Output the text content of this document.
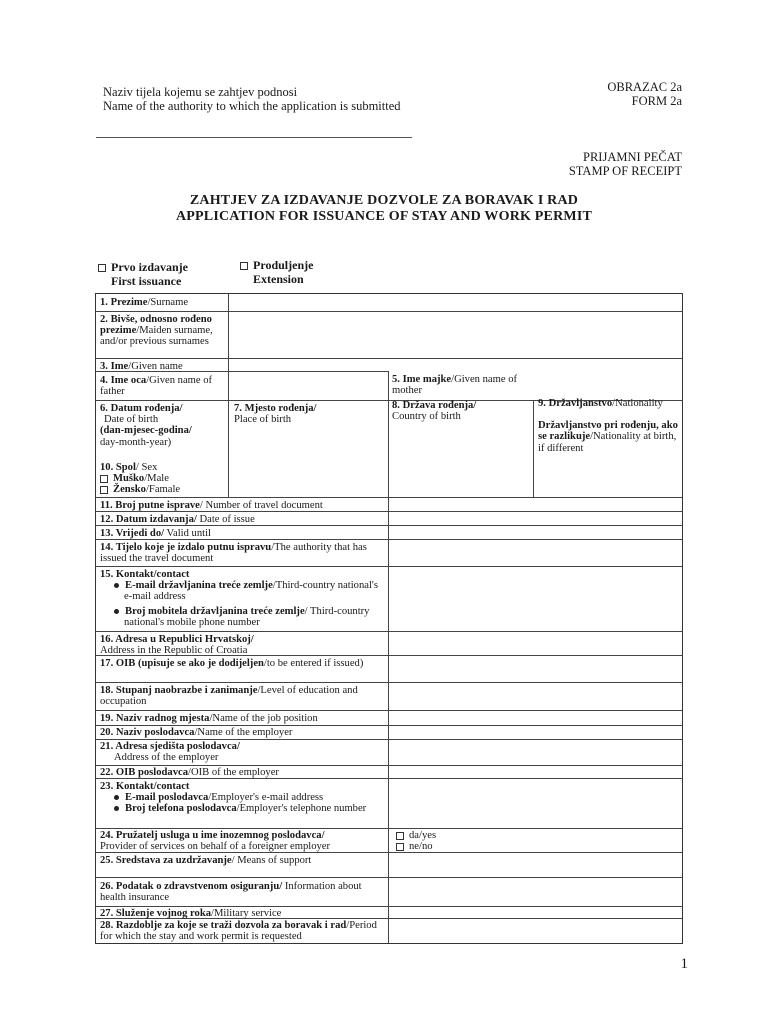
Naziv tijela kojemu se zahtjev podnosi
Name of the authority to which the application is submitted
OBRAZAC 2a
FORM 2a
PRIJAMNI PEČAT
STAMP OF RECEIPT
ZAHTJEV ZA IZDAVANJE DOZVOLE ZA BORAVAK I RAD
APPLICATION FOR ISSUANCE OF STAY AND WORK PERMIT
Prvo izdavanje
First issuance
Produljenje
Extension
1. Prezime/Surname
2. Bivše, odnosno rođeno prezime/Maiden surname, and/or previous surnames
3. Ime/Given name
4. Ime oca/Given name of father
5. Ime majke/Given name of mother
6. Datum rođenja/
Date of birth
(dan-mjesec-godina/
day-month-year)
10. Spol/ Sex
Muško/Male
Žensko/Famale
7. Mjesto rođenja/
Place of birth
8. Država rođenja/
Country of birth
9. Državljanstvo/Nationality
Državljanstvo pri rođenju, ako se razlikuje/Nationality at birth, if different
11. Broj putne isprave/ Number of travel document
12. Datum izdavanja/ Date of issue
13. Vrijedi do/ Valid until
14. Tijelo koje je izdalo putnu ispravu/The authority that has issued the travel document
15. Kontakt/contact
E-mail državljanina treće zemlje/Third-country national's e-mail address
Broj mobitela državljanina treće zemlje/ Third-country national's mobile phone number
16. Adresa u Republici Hrvatskoj/
Address in the Republic of Croatia
17. OIB (upisuje se ako je dodijeljen/to be entered if issued)
18. Stupanj naobrazbe i zanimanje/Level of education and occupation
19. Naziv radnog mjesta/Name of the job position
20. Naziv poslodavca/Name of the employer
21. Adresa sjedišta poslodavca/
Address of the employer
22. OIB poslodavca/OIB of the employer
23. Kontakt/contact
E-mail poslodavca/Employer's e-mail address
Broj telefona poslodavca/Employer's telephone number
24. Pružatelj usluga u ime inozemnog poslodavca/
Provider of services on behalf of a foreigner employer
da/yes
ne/no
25. Sredstava za uzdržavanje/ Means of support
26. Podatak o zdravstvenom osiguranju/ Information about health insurance
27. Služenje vojnog roka/Military service
28. Razdoblje za koje se traži dozvola za boravak i rad/Period for which the stay and work permit is requested
1
